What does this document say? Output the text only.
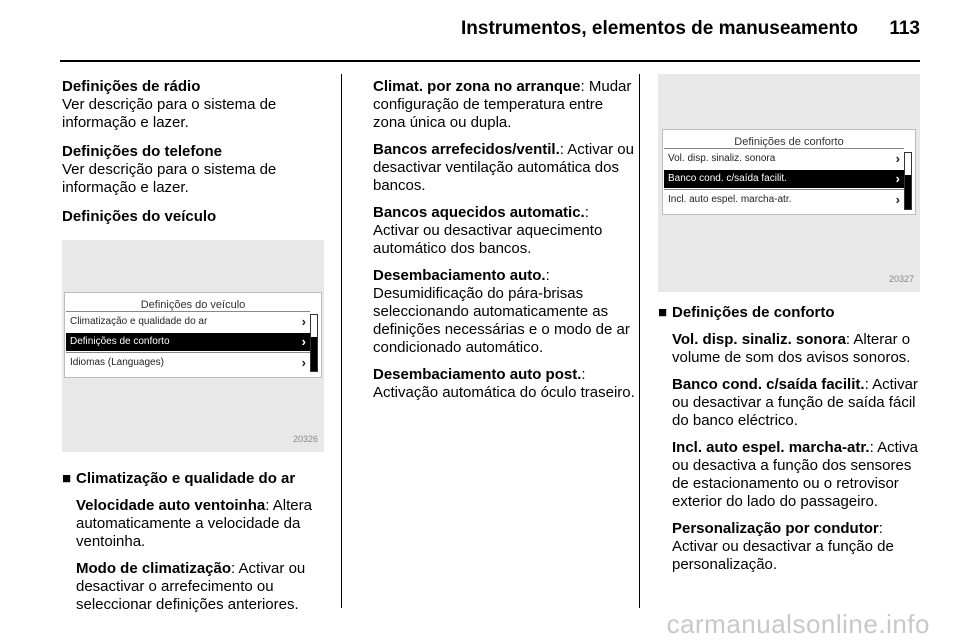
Instrumentos, elementos de manuseamento 113
Definições de rádio
Ver descrição para o sistema de informação e lazer.
Definições do telefone
Ver descrição para o sistema de informação e lazer.
Definições do veículo
Definições do veículo
Climatização e qualidade do ar	›
Definições de conforto	›
Idiomas (Languages)	›
20326
■ Climatização e qualidade do ar
Velocidade auto ventoinha: Altera automaticamente a velocidade da ventoinha.
Modo de climatização: Activar ou desactivar o arrefecimento ou seleccionar definições anteriores.
Climat. por zona no arranque: Mudar configuração de temperatura entre zona única ou dupla.
Bancos arrefecidos/ventil.: Activar ou desactivar ventilação automática dos bancos.
Bancos aquecidos automatic.: Activar ou desactivar aquecimento automático dos bancos.
Desembaciamento auto.: Desumidificação do pára-brisas seleccionando automaticamente as definições necessárias e o modo de ar condicionado automático.
Desembaciamento auto post.: Activação automática do óculo traseiro.
Definições de conforto
Vol. disp. sinaliz. sonora	›
Banco cond. c/saída facilit.	›
Incl. auto espel. marcha-atr.	›
20327
■ Definições de conforto
Vol. disp. sinaliz. sonora: Alterar o volume de som dos avisos sonoros.
Banco cond. c/saída facilit.: Activar ou desactivar a função de saída fácil do banco eléctrico.
Incl. auto espel. marcha-atr.: Activa ou desactiva a função dos sensores de estacionamento ou o retrovisor exterior do lado do passageiro.
Personalização por condutor: Activar ou desactivar a função de personalização.
carmanualsonline.info
